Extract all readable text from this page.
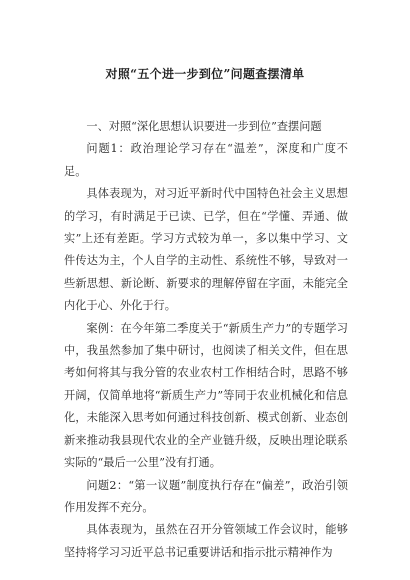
对照“五个进一步到位”问题查摆清单

一、对照“深化思想认识要进一步到位”查摆问题

问题1：政治理论学习存在“温差”，深度和广度不足。

具体表现为，对习近平新时代中国特色社会主义思想的学习，有时满足于已读、已学，但在“学懂、弄通、做实”上还有差距。学习方式较为单一，多以集中学习、文件传达为主，个人自学的主动性、系统性不够，导致对一些新思想、新论断、新要求的理解停留在字面，未能完全内化于心、外化于行。

案例：在今年第二季度关于“新质生产力”的专题学习中，我虽然参加了集中研讨，也阅读了相关文件，但在思考如何将其与我分管的农业农村工作相结合时，思路不够开阔，仅简单地将“新质生产力”等同于农业机械化和信息化，未能深入思考如何通过科技创新、模式创新、业态创新来推动我县现代农业的全产业链升级，反映出理论联系实际的“最后一公里”没有打通。

问题2：“第一议题”制度执行存在“偏差”，政治引领作用发挥不充分。

具体表现为，虽然在召开分管领域工作会议时，能够坚持将学习习近平总书记重要讲话和指示批示精神作为
